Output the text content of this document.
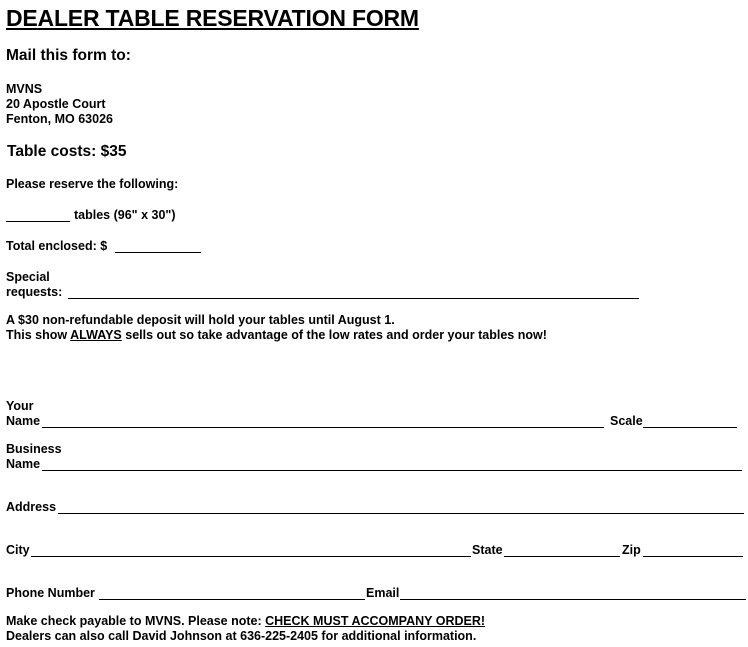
DEALER TABLE RESERVATION FORM
Mail this form to:
MVNS
20 Apostle Court
Fenton, MO 63026
Table costs: $35
Please reserve the following:
tables (96" x 30")
Total enclosed: $
Special
requests:
A $30 non-refundable deposit will hold your tables until August 1.
This show ALWAYS sells out so take advantage of the low rates and order your tables now!
Your
Name	Scale
Business
Name
Address
City	State	Zip
Phone Number	Email
Make check payable to MVNS. Please note: CHECK MUST ACCOMPANY ORDER!
Dealers can also call David Johnson at 636-225-2405 for additional information.
